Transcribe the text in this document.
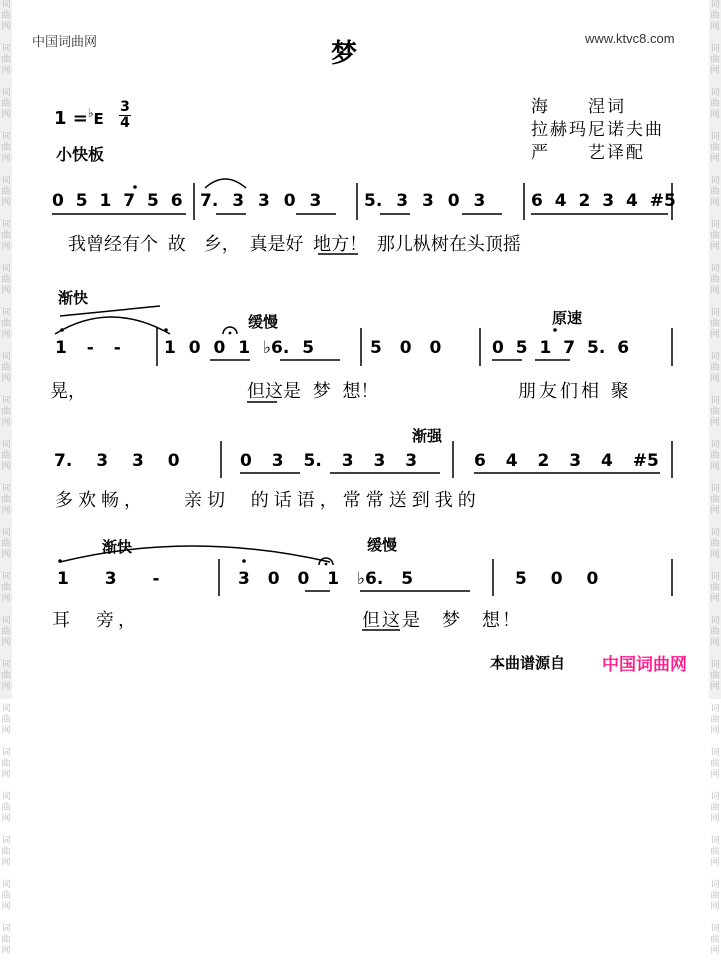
词
曲
网

词
曲
网

词
曲
网

词
曲
网

词
曲
网

词
曲
网

词
曲
网

词
曲
网

词
曲
网

词
曲
网

词
曲
网

词
曲
网

词
曲
网

词
曲
网

词
曲
网

词
曲
网

词
曲
网

词
曲
网

词
曲
网

词
曲
网

词
曲
网

词
曲
网

词
曲
网

词
曲
网

词
曲
网

词
曲
网

词
曲
网

词
曲
网

词
曲
网

词
曲
网

词
曲
网

词
曲
网

词
曲
网

词
曲
网

词
曲
网

词
曲
网

词
曲
网

词
曲
网

词
曲
网

词
曲
网

词
曲
网

词
曲
网

词
曲
网

词
曲
网

中国词曲网	www.ktvc8.com
梦
海　　涅词
拉赫玛尼诺夫曲
严　　艺译配
1 =♭E
3
4
小快板
0 5 1 7 5 6 7. 3 3 0 3	5. 3 3 0 3	6 4 2 3 4 #5
我曾经有个 故　乡， 真是好 地方！ 那儿枞树在头顶摇
渐快
缓慢	原速
1 - -	1 0 0 1 ♭6. 5	5 0 0	0 5 1 7 5. 6
晃，	但这是 梦 想！	朋友们相 聚
渐强
7. 3 3 0	0 3 5. 3 3 3	6 4 2 3 4 #5
多欢畅，　　亲切 的话语，常常送到我的
渐快	缓慢
1 3 -	3 0 0 1 ♭6. 5	5 0 0
耳　旁，	但这是　梦　想！
本曲谱源自 中国词曲网
